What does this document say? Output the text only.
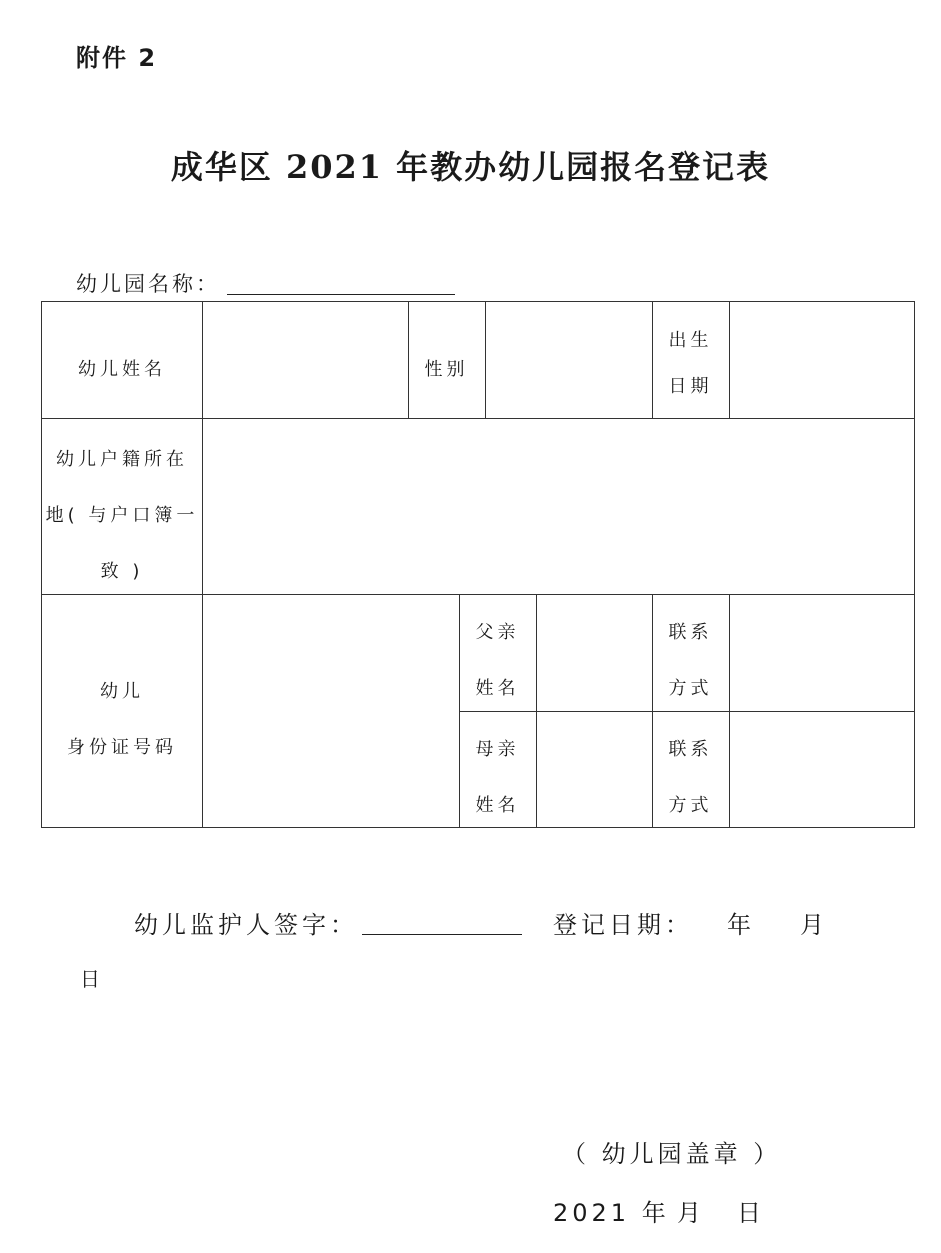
附件 2
成华区 2021 年教办幼儿园报名登记表
幼儿园名称：
幼儿姓名	性别
出生
日期
幼儿户籍所在
地( 与户口簿一
致 )
幼儿
身份证号码
父亲
姓名
联系
方式
母亲
姓名
联系
方式
幼儿监护人签字：	登记日期： 年 月
日
（ 幼儿园盖章 ）
2021 年 月 日
